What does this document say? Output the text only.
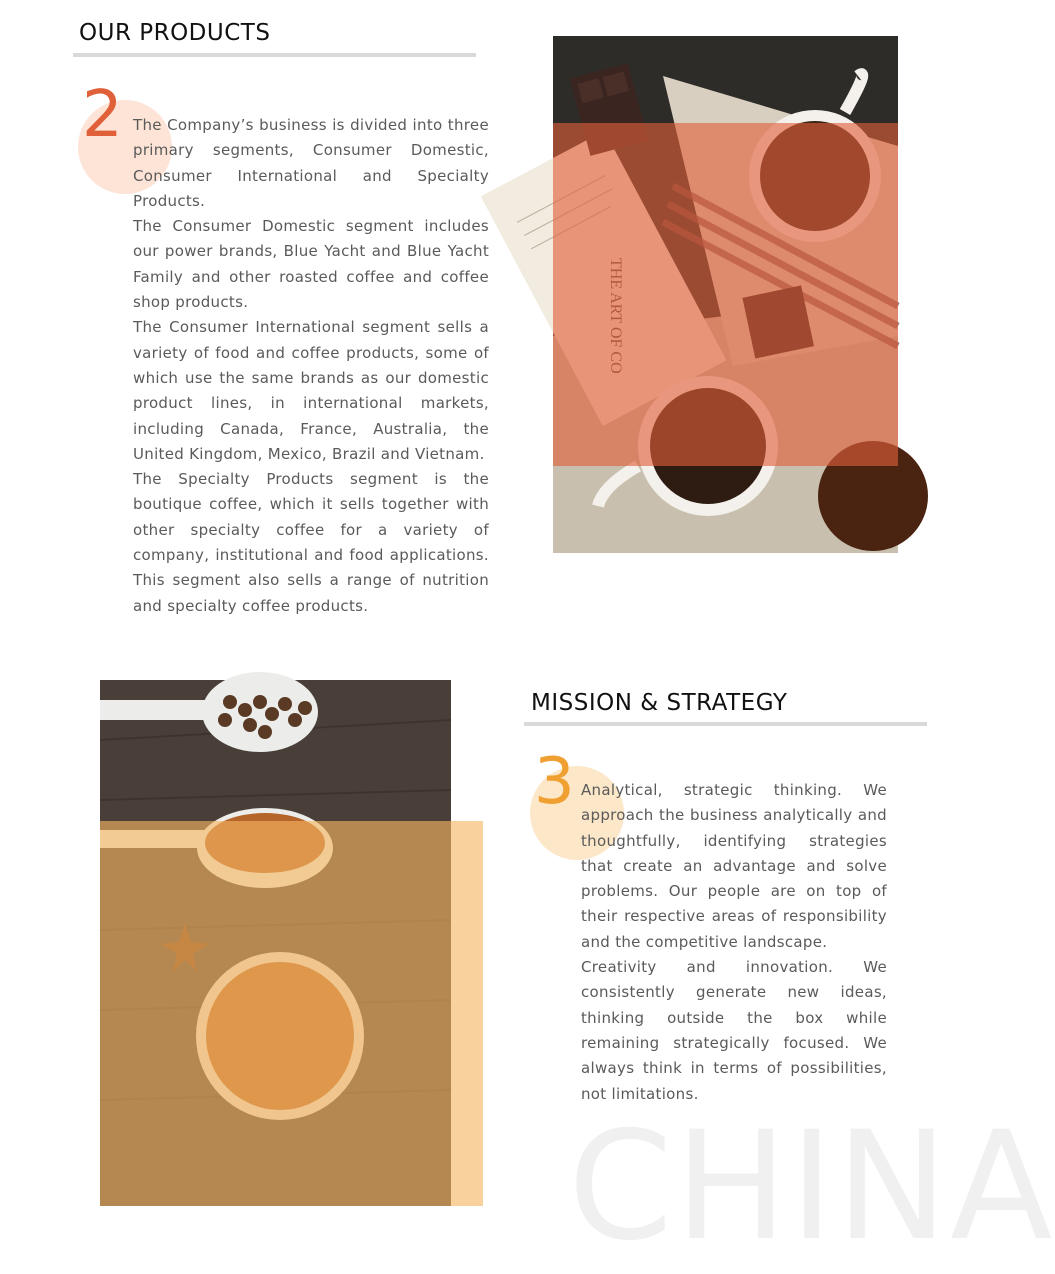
OUR PRODUCTS
2 The Company’s business is divided into three primary segments, Consumer Domestic, Consumer International and Specialty Products.

The Consumer Domestic segment includes our power brands, Blue Yacht and Blue Yacht Family and other roasted coffee and coffee shop products.

The Consumer International segment sells a variety of food and coffee products, some of which use the same brands as our domestic product lines, in international markets, including Canada, France, Australia, the United Kingdom, Mexico, Brazil and Vietnam.

The Specialty Products segment is the boutique coffee, which it sells together with other specialty coffee for a variety of company, institutional and food applications. This segment also sells a range of nutrition and specialty coffee products.

MISSION & STRATEGY
3 Analytical, strategic thinking. We approach the business analytically and thoughtfully, identifying strategies that create an advantage and solve problems. Our people are on top of their respective areas of responsibility and the competitive landscape.

Creativity and innovation. We consistently generate new ideas, thinking outside the box while remaining strategically focused. We always think in terms of possibilities, not limitations.

CHINA
